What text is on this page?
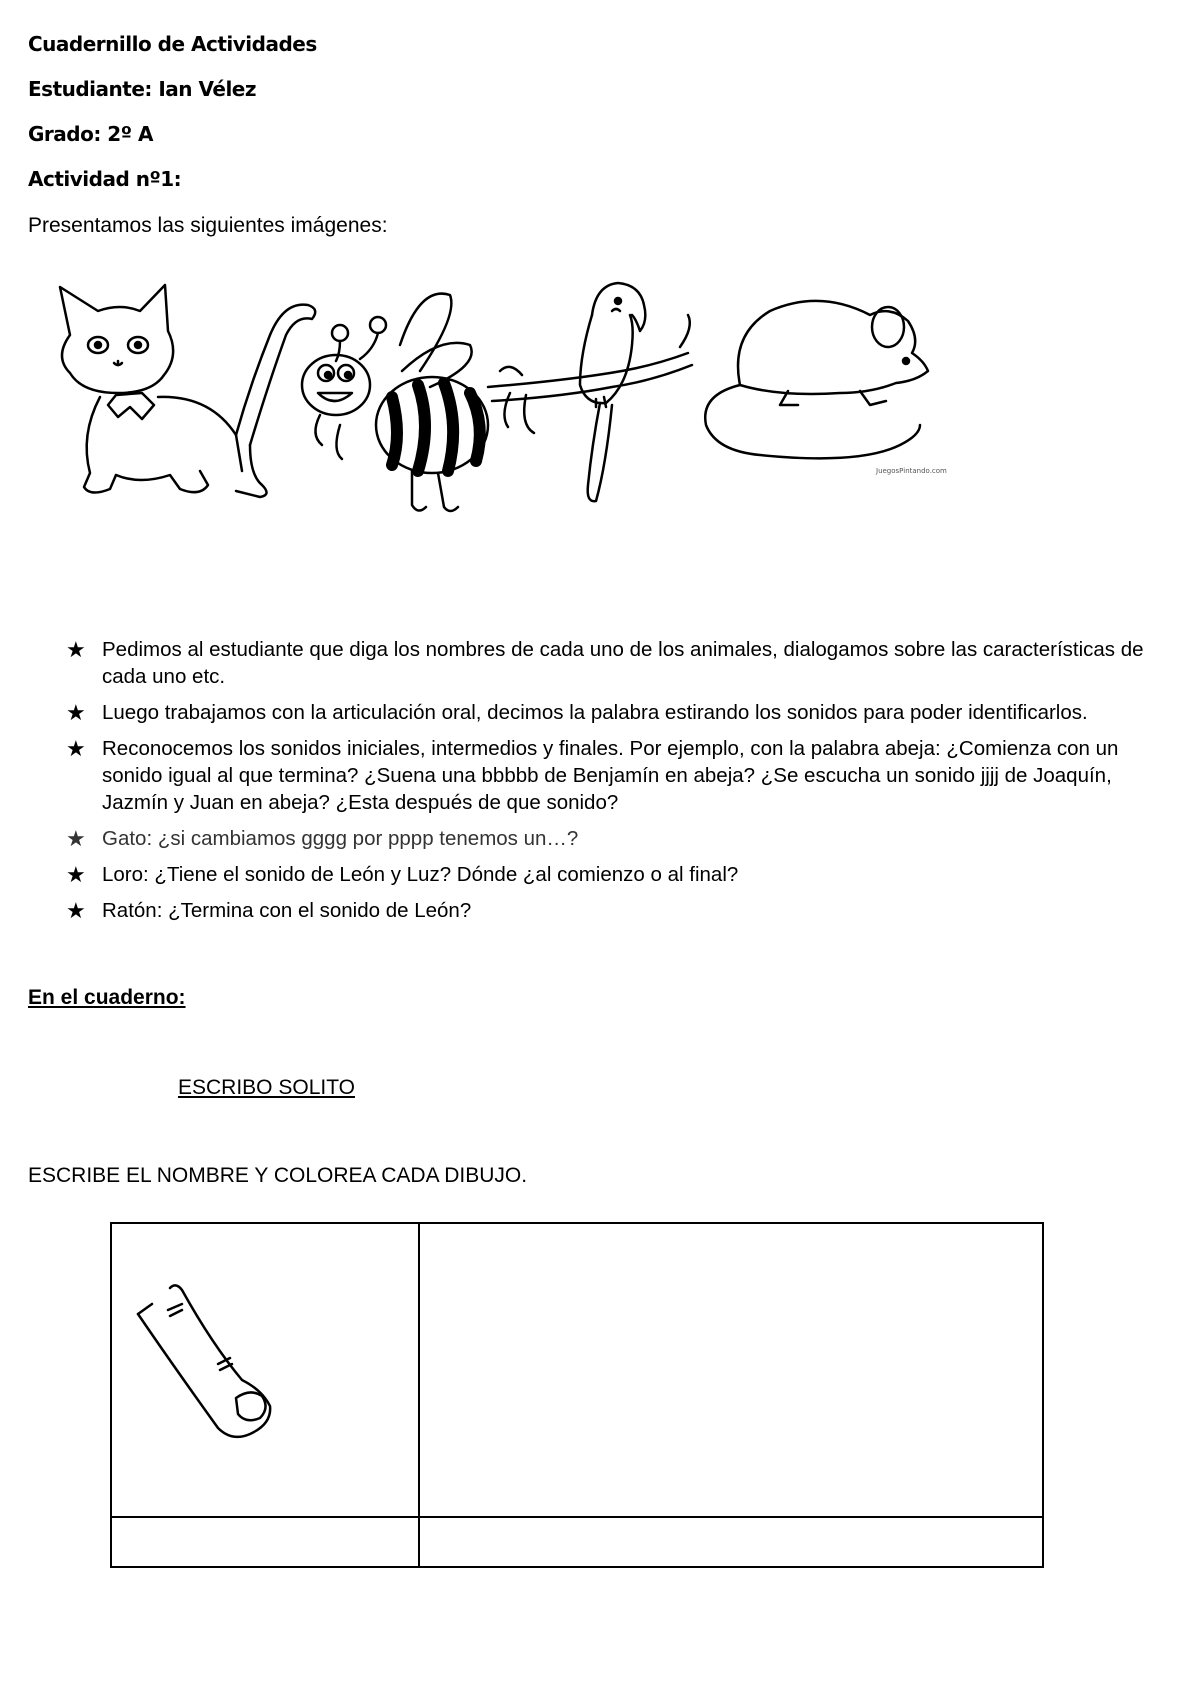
Cuadernillo de Actividades
Estudiante: Ian Vélez
Grado: 2º A
Actividad nº1:
Presentamos las siguientes imágenes:
JuegosPintando.com
★ Pedimos al estudiante que diga los nombres de cada uno de los animales, dialogamos sobre las características de cada uno etc.
★ Luego trabajamos con la articulación oral, decimos la palabra estirando los sonidos para poder identificarlos.
★ Reconocemos los sonidos iniciales, intermedios y finales. Por ejemplo, con la palabra abeja: ¿Comienza con un sonido igual al que termina? ¿Suena una bbbbb de Benjamín en abeja? ¿Se escucha un sonido jjjj de Joaquín, Jazmín y Juan en abeja? ¿Esta después de que sonido?
★ Gato: ¿si cambiamos gggg por pppp tenemos un…?
★ Loro: ¿Tiene el sonido de León y Luz? Dónde ¿al comienzo o al final?
★ Ratón: ¿Termina con el sonido de León?
En el cuaderno:
ESCRIBO SOLITO
ESCRIBE EL NOMBRE Y COLOREA CADA DIBUJO.
